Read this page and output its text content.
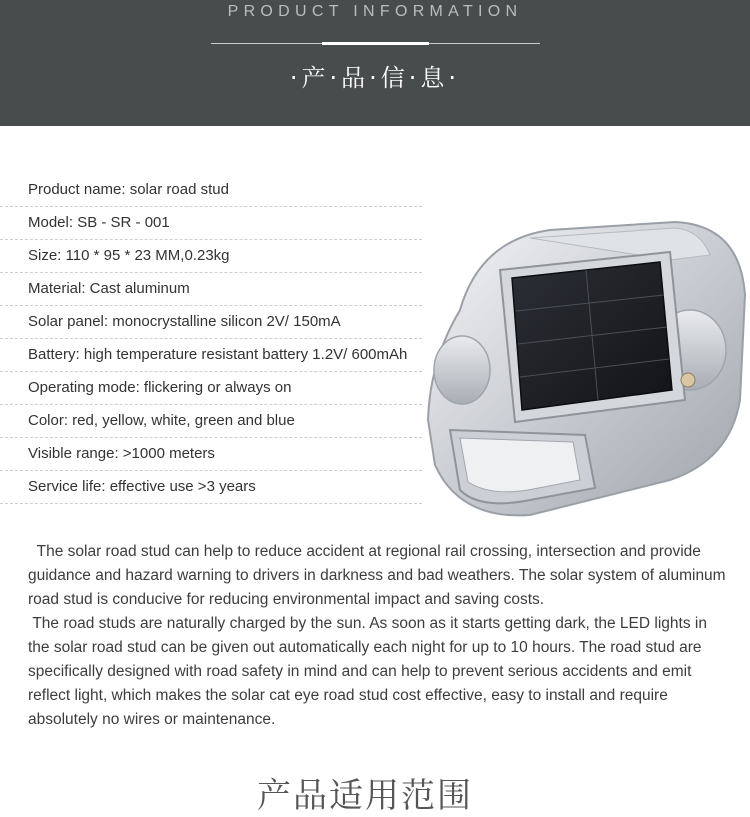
PRODUCT INFORMATION
·产·品·信·息·
Product name: solar road stud
Model: SB - SR - 001
Size: 110 * 95 * 23 MM,0.23kg
Material: Cast aluminum
Solar panel: monocrystalline silicon 2V/ 150mA
Battery: high temperature resistant battery 1.2V/ 600mAh
Operating mode: flickering or always on
Color: red, yellow, white, green and blue
Visible range: >1000 meters
Service life: effective use >3 years

The solar road stud can help to reduce accident at regional rail crossing, intersection and provide guidance and hazard warning to drivers in darkness and bad weathers. The solar system of aluminum road stud is conducive for reducing environmental impact and saving costs.

The road studs are naturally charged by the sun. As soon as it starts getting dark, the LED lights in the solar road stud can be given out automatically each night for up to 10 hours. The road stud are specifically designed with road safety in mind and can help to prevent serious accidents and emit reflect light, which makes the solar cat eye road stud cost effective, easy to install and require absolutely no wires or maintenance.

产品适用范围
